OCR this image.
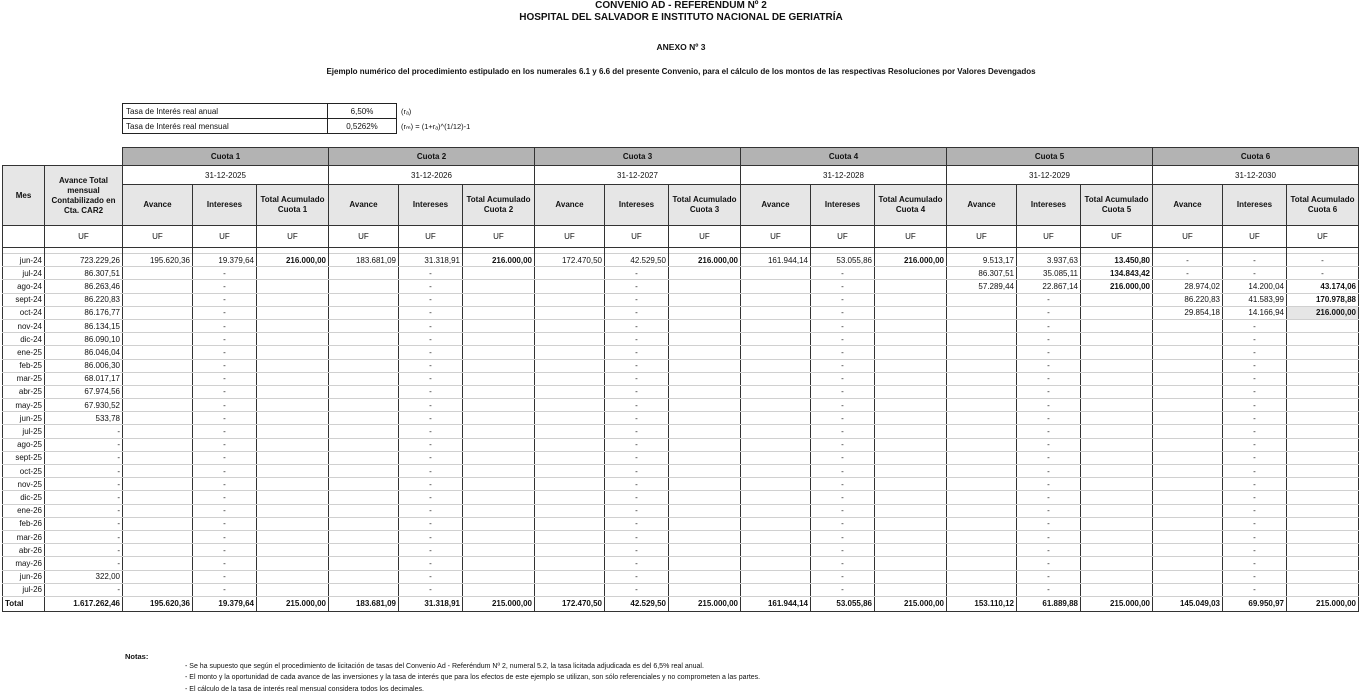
CONVENIO AD - REFERÉNDUM Nº 2
HOSPITAL DEL SALVADOR E INSTITUTO NACIONAL DE GERIATRÍA
ANEXO Nº 3
Ejemplo numérico del procedimiento estipulado en los numerales 6.1 y 6.6 del presente Convenio, para el cálculo de los montos de las respectivas Resoluciones por Valores Devengados
Tasa de Interés real anual	6,50%	(rₐ)
Tasa de Interés real mensual	0,5262%	(rₘ) = (1+rₐ)^(1/12)-1
		Cuota 1			Cuota 2			Cuota 3			Cuota 4			Cuota 5			Cuota 6		
Mes	Avance Total mensual Contabilizado en Cta. CAR2	31-12-2025			31-12-2026			31-12-2027			31-12-2028			31-12-2029			31-12-2030		
		Avance	Intereses	Total Acumulado Cuota 1	Avance	Intereses	Total Acumulado Cuota 2	Avance	Intereses	Total Acumulado Cuota 3	Avance	Intereses	Total Acumulado Cuota 4	Avance	Intereses	Total Acumulado Cuota 5	Avance	Intereses	Total Acumulado Cuota 6
	UF	UF	UF	UF	UF	UF	UF	UF	UF	UF	UF	UF	UF	UF	UF	UF	UF	UF	UF

jun-24	723.229,26	195.620,36	19.379,64	216.000,00	183.681,09	31.318,91	216.000,00	172.470,50	42.529,50	216.000,00	161.944,14	53.055,86	216.000,00	9.513,17	3.937,63	13.450,80	-	-	-
jul-24	86.307,51		-			-			-			-		86.307,51	35.085,11	134.843,42	-	-	-
ago-24	86.263,46		-			-			-			-		57.289,44	22.867,14	216.000,00	28.974,02	14.200,04	43.174,06
sept-24	86.220,83		-			-			-			-			-		86.220,83	41.583,99	170.978,88
oct-24	86.176,77		-			-			-			-			-		29.854,18	14.166,94	216.000,00
nov-24	86.134,15		-			-			-			-			-			-	
dic-24	86.090,10		-			-			-			-			-			-	
ene-25	86.046,04		-			-			-			-			-			-	
feb-25	86.006,30		-			-			-			-			-			-	
mar-25	68.017,17		-			-			-			-			-			-	
abr-25	67.974,56		-			-			-			-			-			-	
may-25	67.930,52		-			-			-			-			-			-	
jun-25	533,78		-			-			-			-			-			-	
jul-25	-		-			-			-			-			-			-	
ago-25	-		-			-			-			-			-			-	
sept-25	-		-			-			-			-			-			-	
oct-25	-		-			-			-			-			-			-	
nov-25	-		-			-			-			-			-			-	
dic-25	-		-			-			-			-			-			-	
ene-26	-		-			-			-			-			-			-	
feb-26	-		-			-			-			-			-			-	
mar-26	-		-			-			-			-			-			-	
abr-26	-		-			-			-			-			-			-	
may-26	-		-			-			-			-			-			-	
jun-26	322,00		-			-			-			-			-			-	
jul-26	-		-			-			-			-			-			-	
Total	1.617.262,46	195.620,36	19.379,64	215.000,00	183.681,09	31.318,91	215.000,00	172.470,50	42.529,50	215.000,00	161.944,14	53.055,86	215.000,00	153.110,12	61.889,88	215.000,00	145.049,03	69.950,97	215.000,00
Notas:
- Se ha supuesto que según el procedimiento de licitación de tasas del Convenio Ad - Referéndum Nº 2, numeral 5.2, la tasa licitada adjudicada es del 6,5% real anual.
- El monto y la oportunidad de cada avance de las inversiones y la tasa de interés que para los efectos de este ejemplo se utilizan, son sólo referenciales y no comprometen a las partes.
- El cálculo de la tasa de interés real mensual considera todos los decimales.
